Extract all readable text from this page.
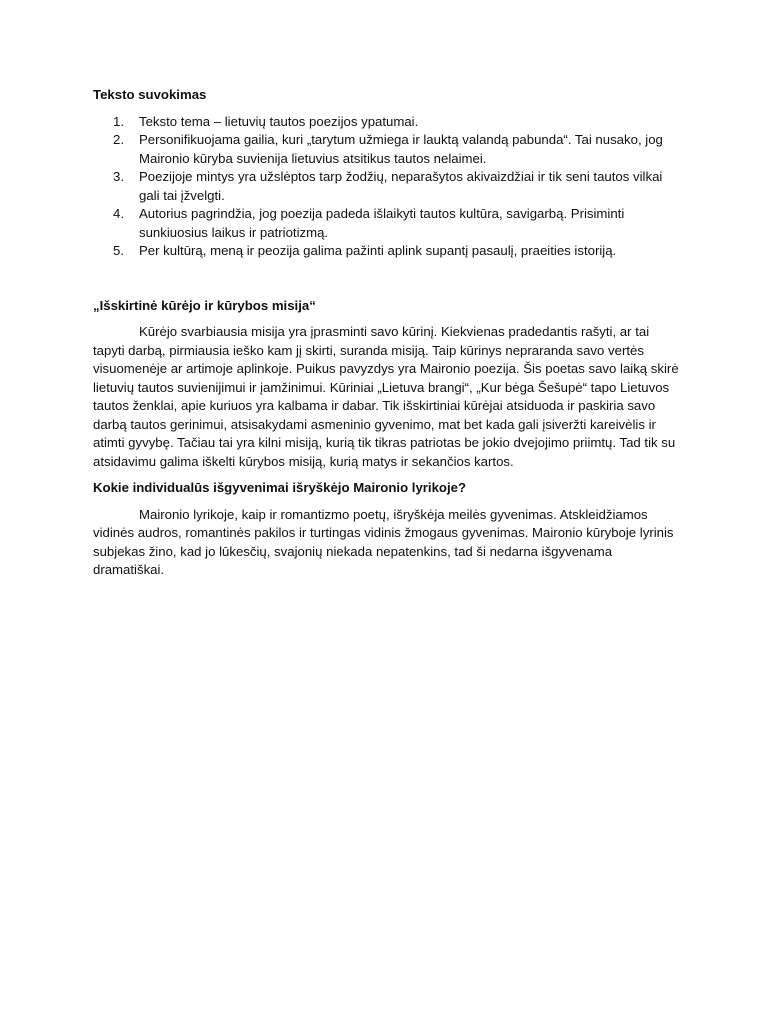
Teksto suvokimas

1. Teksto tema – lietuvių tautos poezijos ypatumai.
2. Personifikuojama gailia, kuri „tarytum užmiega ir lauktą valandą pabunda“. Tai nusako, jog Maironio kūryba suvienija lietuvius atsitikus tautos nelaimei.
3. Poezijoje mintys yra užslėptos tarp žodžių, neparašytos akivaizdžiai ir tik seni tautos vilkai gali tai įžvelgti.
4. Autorius pagrindžia, jog poezija padeda išlaikyti tautos kultūra, savigarbą. Prisiminti sunkiuosius laikus ir patriotizmą.
5. Per kultūrą, meną ir peozija galima pažinti aplink supantį pasaulį, praeities istoriją.

„Išskirtinė kūrėjo ir kūrybos misija“

Kūrėjo svarbiausia misija yra įprasminti savo kūrinį. Kiekvienas pradedantis rašyti, ar tai tapyti darbą, pirmiausia ieško kam jį skirti, suranda misiją. Taip kūrinys nepraranda savo vertės visuomenėje ar artimoje aplinkoje. Puikus pavyzdys yra Maironio poezija. Šis poetas savo laiką skirė lietuvių tautos suvienijimui ir įamžinimui. Kūriniai „Lietuva brangi“, „Kur bėga Šešupė“ tapo Lietuvos tautos ženklai, apie kuriuos yra kalbama ir dabar. Tik išskirtiniai kūrėjai atsiduoda ir paskiria savo darbą tautos gerinimui, atsisakydami asmeninio gyvenimo, mat bet kada gali įsiveržti kareivėlis ir atimti gyvybę. Tačiau tai yra kilni misiją, kurią tik tikras patriotas be jokio dvejojimo priimtų. Tad tik su atsidavimu galima iškelti kūrybos misiją, kurią matys ir sekančios kartos.

Kokie individualūs išgyvenimai išryškėjo Maironio lyrikoje?

Maironio lyrikoje, kaip ir romantizmo poetų, išryškėja meilės gyvenimas. Atskleidžiamos vidinės audros, romantinės pakilos ir turtingas vidinis žmogaus gyvenimas. Maironio kūryboje lyrinis subjekas žino, kad jo lūkesčių, svajonių niekada nepatenkins, tad ši nedarna išgyvenama dramatiškai.
